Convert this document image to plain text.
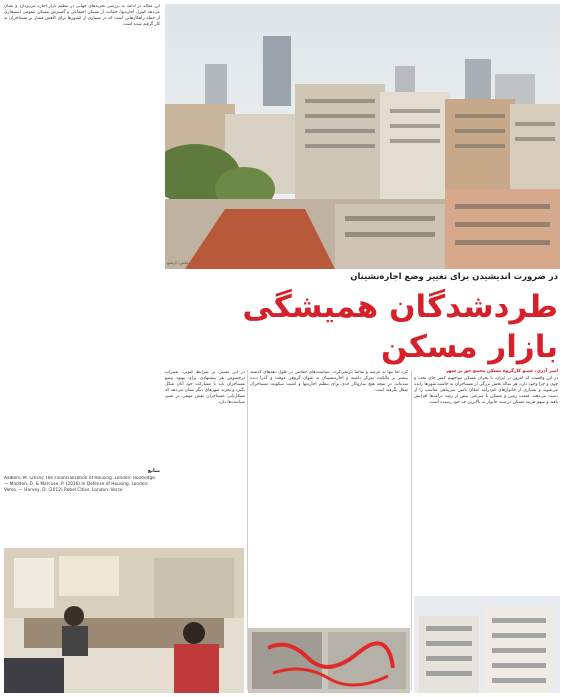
عکس: آرشیو
این مقاله در ادامه به بررسی تجربه‌های جهانی در تنظیم بازار اجاره می‌پردازد و نشان می‌دهد کنترل اجاره‌بها، حمایت از مسکن اجتماعی و گسترش مسکن عمومی استیجاری از جمله راهکارهایی است که در بسیاری از کشورها برای کاهش فشار بر مستاجران به کار گرفته شده است.
منابع
Aalbers, M. (2016) The Financialization of Housing. London: Routledge. — Madden, D. & Marcuse, P. (2016) In Defense of Housing. London: Verso. — Harvey, D. (2012) Rebel Cities. London: Verso.
در ضرورت اندیشیدن برای تغییر وضع اجاره‌نشینان
طردشدگان همیشگی
بازار مسکن
امیر آذری، عضو کارگروه مسکن مجمع حق بر شهر
در این واقعیت که امروز در ایران، با بحران مسکن مواجهیم کمتر جای بحث و چون و چرا وجود دارد. هر ساله بخش بزرگی از مستاجران به حاشیه شهرها رانده می‌شوند و بسیاری از خانوارهای کم‌درآمد امکان تامین سرپناهی مناسب را از دست می‌دهند. قیمت زمین و مسکن با سرعتی بیش از رشد درآمدها افزایش یافته و سهم هزینه مسکن در سبد خانوار به بالاترین حد خود رسیده است.
گره اما تنها به عرضه و تقاضا بازنمی‌گردد. سیاست‌های حمایتی در طول دهه‌های گذشته بیشتر بر مالکیت تمرکز داشته و اجاره‌نشینان به عنوان گروهی موقت و گذرا دیده شده‌اند. در نتیجه هیچ سازوکار جدی برای تنظیم اجاره‌بها و امنیت سکونت مستاجران شکل نگرفته است.
در این مسیر، بر شرایط کنونی، تغییرات درخصوص هر پیشنهادی برای بهبود وضع مستاجران باید با مشارکت خود آنان شکل بگیرد و تجربه شهرهای دیگر نشان می‌دهد که تشکل‌یابی مستاجران نقش مهمی در تغییر سیاست‌ها دارد.
